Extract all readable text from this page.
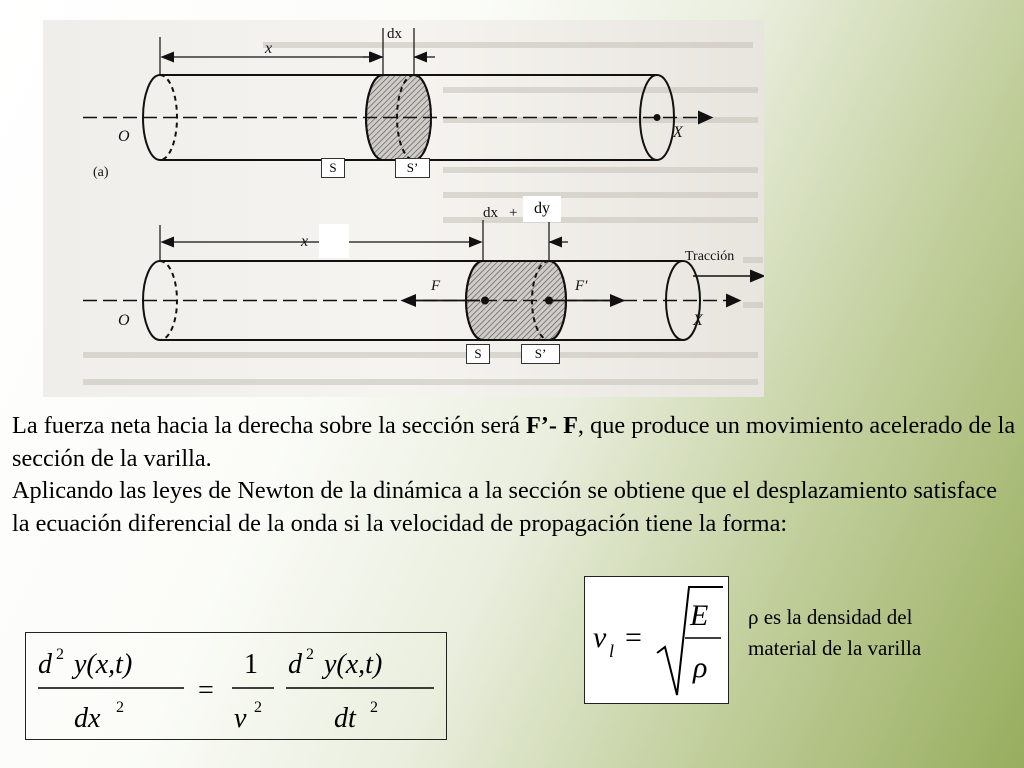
x
dx
O	X
(a)
x
dx +
O	X
F	F′
Tracción
S	S’
dy
S	S’

La fuerza neta hacia la derecha sobre la sección será F’- F, que produce un movimiento acelerado de la sección de la varilla.

Aplicando las leyes de Newton de la dinámica a la sección se obtiene que el desplazamiento satisface la ecuación diferencial de la onda si la velocidad de propagación tiene la forma:

d 2 y(x,t)
dx 2
=
1
v 2
d 2 y(x,t)
dt 2
v l =
E
ρ
ρ es la densidad del
material de la varilla
